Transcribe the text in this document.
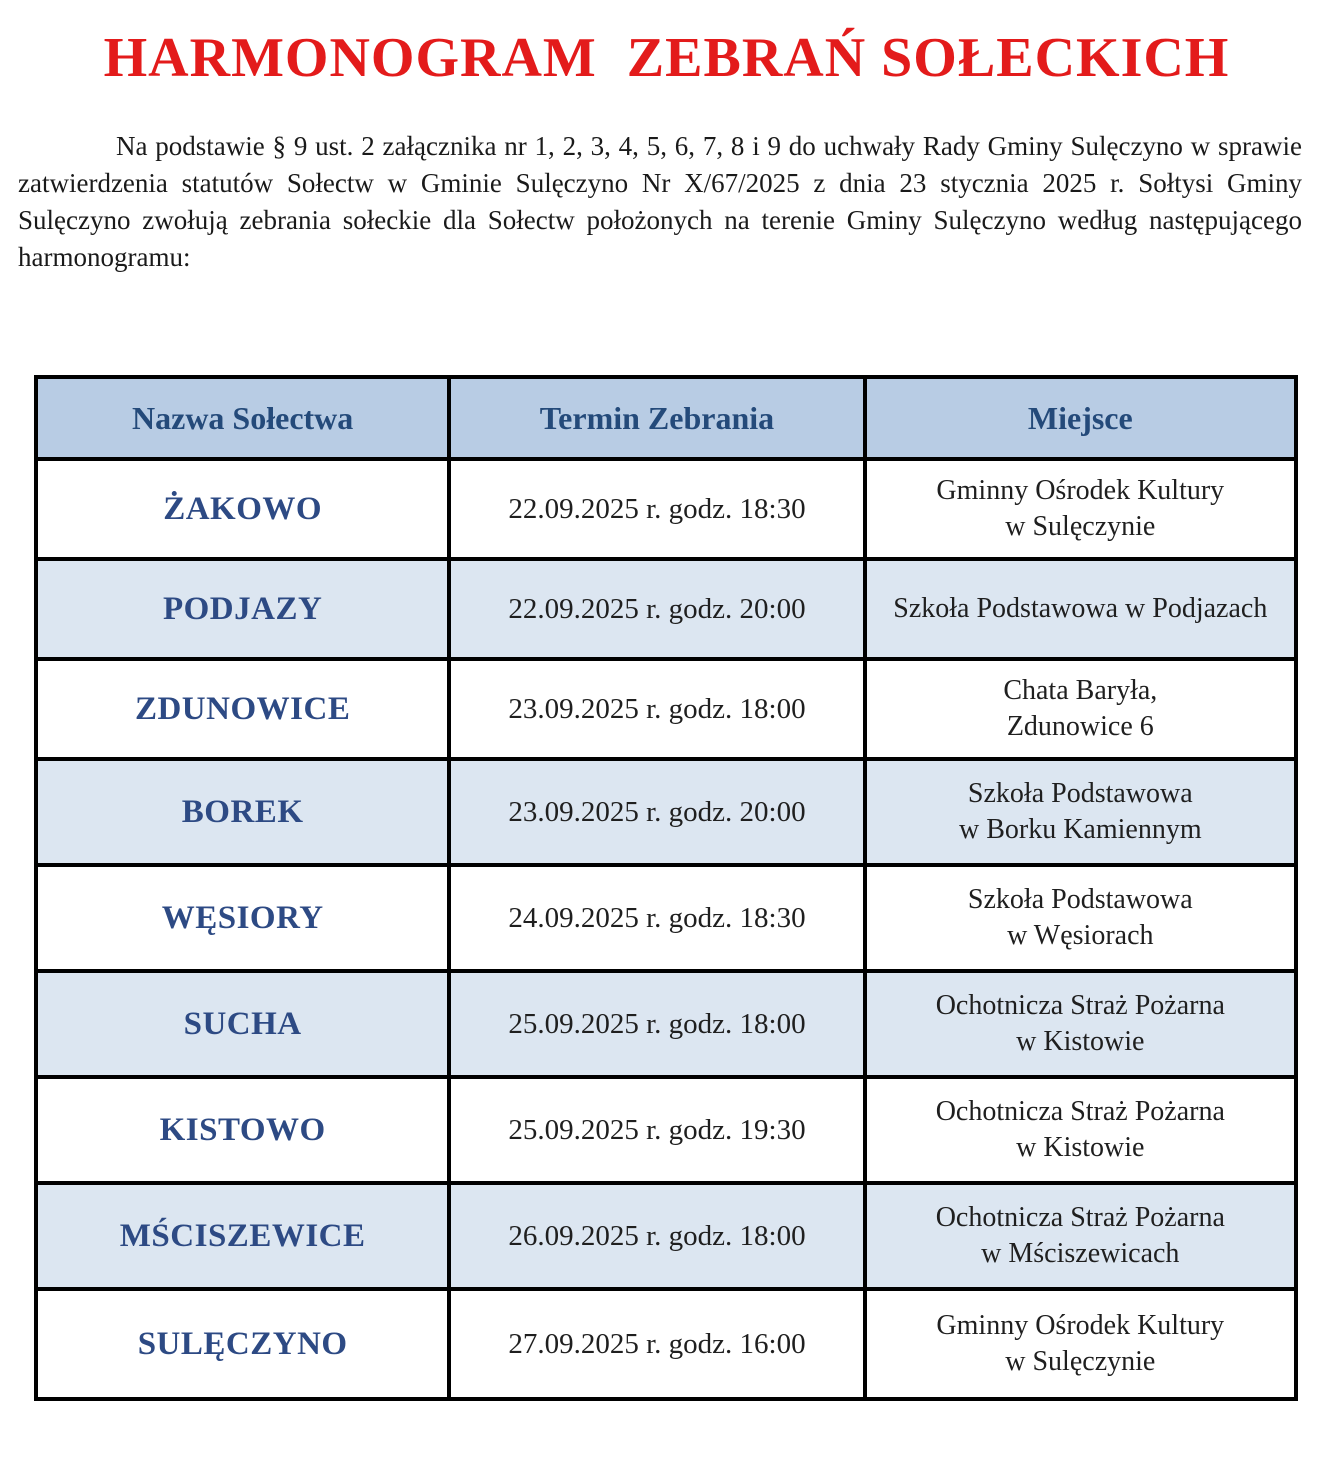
HARMONOGRAM  ZEBRAŃ SOŁECKICH

Na podstawie § 9 ust. 2 załącznika nr 1, 2, 3, 4, 5, 6, 7, 8 i 9 do uchwały Rady Gminy Sulęczyno w sprawie zatwierdzenia statutów Sołectw w Gminie Sulęczyno Nr X/67/2025 z dnia 23 stycznia 2025 r. Sołtysi Gminy Sulęczyno zwołują zebrania sołeckie dla Sołectw położonych na terenie Gminy Sulęczyno według następującego harmonogramu:

Nazwa Sołectwa	Termin Zebrania	Miejsce
ŻAKOWO	22.09.2025 r. godz. 18:30	Gminny Ośrodek Kultury
w Sulęczynie

PODJAZY	22.09.2025 r. godz. 20:00	Szkoła Podstawowa w Podjazach

ZDUNOWICE	23.09.2025 r. godz. 18:00	Chata Baryła,
Zdunowice 6

BOREK	23.09.2025 r. godz. 20:00	Szkoła Podstawowa
w Borku Kamiennym

WĘSIORY	24.09.2025 r. godz. 18:30	Szkoła Podstawowa
w Węsiorach

SUCHA	25.09.2025 r. godz. 18:00	Ochotnicza Straż Pożarna
w Kistowie

KISTOWO	25.09.2025 r. godz. 19:30	Ochotnicza Straż Pożarna
w Kistowie

MŚCISZEWICE	26.09.2025 r. godz. 18:00	Ochotnicza Straż Pożarna
w Mściszewicach

SULĘCZYNO	27.09.2025 r. godz. 16:00	Gminny Ośrodek Kultury
w Sulęczynie
